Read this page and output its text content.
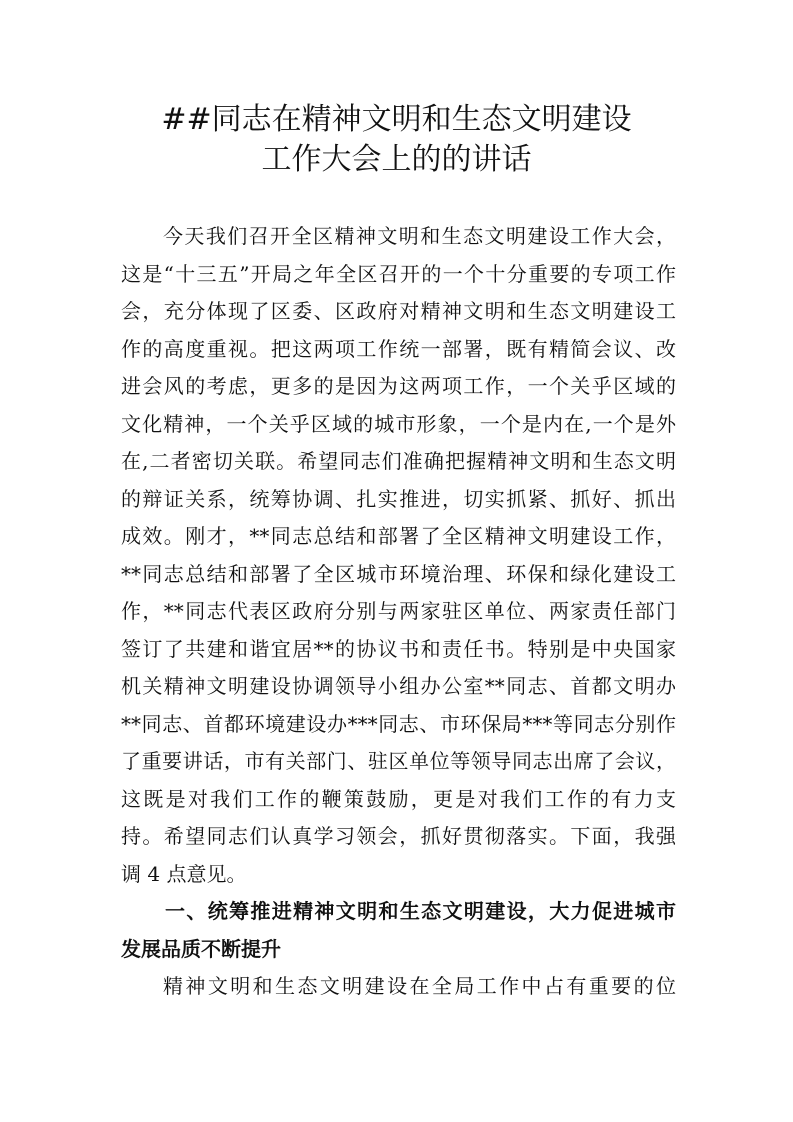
##同志在精神文明和生态文明建设
工作大会上的的讲话
今天我们召开全区精神文明和生态文明建设工作大会，
这是“十三五”开局之年全区召开的一个十分重要的专项工作
会，充分体现了区委、区政府对精神文明和生态文明建设工
作的高度重视。把这两项工作统一部署，既有精简会议、改
进会风的考虑，更多的是因为这两项工作，一个关乎区域的
文化精神，一个关乎区域的城市形象，一个是内在,一个是外
在,二者密切关联。希望同志们准确把握精神文明和生态文明
的辩证关系，统筹协调、扎实推进，切实抓紧、抓好、抓出
成效。刚才，**同志总结和部署了全区精神文明建设工作，
**同志总结和部署了全区城市环境治理、环保和绿化建设工
作，**同志代表区政府分别与两家驻区单位、两家责任部门
签订了共建和谐宜居**的协议书和责任书。特别是中央国家
机关精神文明建设协调领导小组办公室**同志、首都文明办
**同志、首都环境建设办***同志、市环保局***等同志分别作
了重要讲话，市有关部门、驻区单位等领导同志出席了会议，
这既是对我们工作的鞭策鼓励，更是对我们工作的有力支
持。希望同志们认真学习领会，抓好贯彻落实。下面，我强
调 4 点意见。
一、统筹推进精神文明和生态文明建设，大力促进城市
发展品质不断提升
精神文明和生态文明建设在全局工作中占有重要的位
